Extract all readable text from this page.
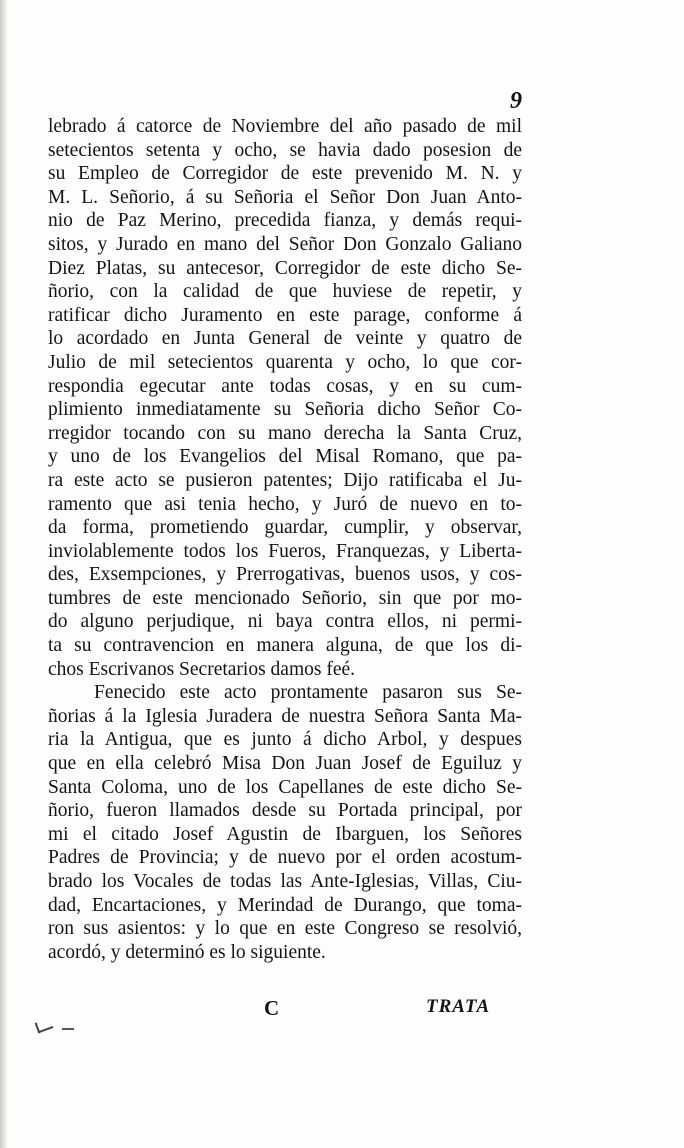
9
lebrado á catorce de Noviembre del año pasado de mil
setecientos setenta y ocho, se havia dado posesion de
su Empleo de Corregidor de este prevenido M. N. y
M. L. Señorio, á su Señoria el Señor Don Juan Anto-
nio de Paz Merino, precedida fianza, y demás requi-
sitos, y Jurado en mano del Señor Don Gonzalo Galiano
Diez Platas, su antecesor, Corregidor de este dicho Se-
ñorio, con la calidad de que huviese de repetir, y
ratificar dicho Juramento en este parage, conforme á
lo acordado en Junta General de veinte y quatro de
Julio de mil setecientos quarenta y ocho, lo que cor-
respondia egecutar ante todas cosas, y en su cum-
plimiento inmediatamente su Señoria dicho Señor Co-
rregidor tocando con su mano derecha la Santa Cruz,
y uno de los Evangelios del Misal Romano, que pa-
ra este acto se pusieron patentes; Dijo ratificaba el Ju-
ramento que asi tenia hecho, y Juró de nuevo en to-
da forma, prometiendo guardar, cumplir, y observar,
inviolablemente todos los Fueros, Franquezas, y Liberta-
des, Exsempciones, y Prerrogativas, buenos usos, y cos-
tumbres de este mencionado Señorio, sin que por mo-
do alguno perjudique, ni baya contra ellos, ni permi-
ta su contravencion en manera alguna, de que los di-
chos Escrivanos Secretarios damos feé.
Fenecido este acto prontamente pasaron sus Se-
ñorias á la Iglesia Juradera de nuestra Señora Santa Ma-
ria la Antigua, que es junto á dicho Arbol, y despues
que en ella celebró Misa Don Juan Josef de Eguiluz y
Santa Coloma, uno de los Capellanes de este dicho Se-
ñorio, fueron llamados desde su Portada principal, por
mi el citado Josef Agustin de Ibarguen, los Señores
Padres de Provincia; y de nuevo por el orden acostum-
brado los Vocales de todas las Ante-Iglesias, Villas, Ciu-
dad, Encartaciones, y Merindad de Durango, que toma-
ron sus asientos: y lo que en este Congreso se resolvió,
acordó, y determinó es lo siguiente.
C	TRATA
